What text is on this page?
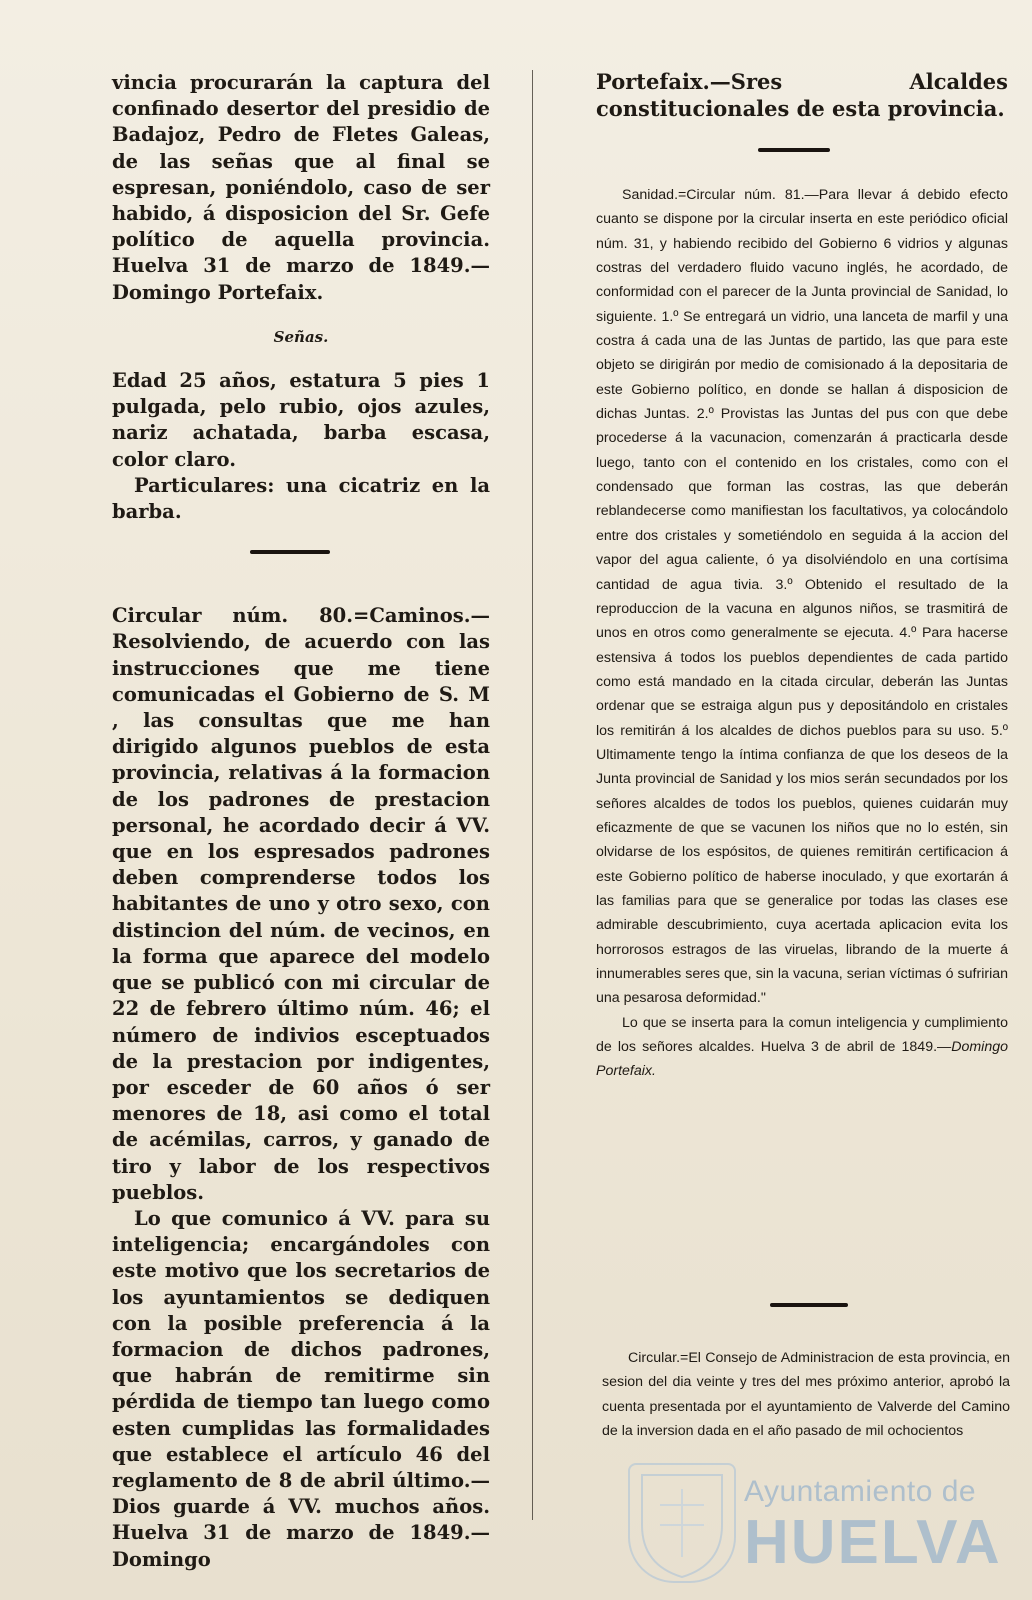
vincia procurarán la captura del confinado desertor del presidio de Badajoz, Pedro de Fletes Galeas, de las señas que al final se espresan, poniéndolo, caso de ser habido, á disposicion del Sr. Gefe político de aquella provincia. Huelva 31 de marzo de 1849.— Domingo Portefaix.

Señas.

Edad 25 años, estatura 5 pies 1 pulgada, pelo rubio, ojos azules, nariz achatada, barba escasa, color claro.

Particulares: una cicatriz en la barba.

Circular núm. 80.=Caminos.— Resolviendo, de acuerdo con las instrucciones que me tiene comunicadas el Gobierno de S. M , las consultas que me han dirigido algunos pueblos de esta provincia, relativas á la formacion de los padrones de prestacion personal, he acordado decir á VV. que en los espresados padrones deben comprenderse todos los habitantes de uno y otro sexo, con distincion del núm. de vecinos, en la forma que aparece del modelo que se publicó con mi circular de 22 de febrero último núm. 46; el número de indivios esceptuados de la prestacion por indigentes, por esceder de 60 años ó ser menores de 18, asi como el total de acémilas, carros, y ganado de tiro y labor de los respectivos pueblos.

Lo que comunico á VV. para su inteligencia; encargándoles con este motivo que los secretarios de los ayuntamientos se dediquen con la posible preferencia á la formacion de dichos padrones, que habrán de remitirme sin pérdida de tiempo tan luego como esten cumplidas las formalidades que establece el artículo 46 del reglamento de 8 de abril último.—Dios guarde á VV. muchos años. Huelva 31 de marzo de 1849.—Domingo

Portefaix.—Sres Alcaldes constitucionales de esta provincia.

Sanidad.=Circular núm. 81.—Para llevar á debido efecto cuanto se dispone por la circular inserta en este periódico oficial núm. 31, y habiendo recibido del Gobierno 6 vidrios y algunas costras del verdadero fluido vacuno inglés, he acordado, de conformidad con el parecer de la Junta provincial de Sanidad, lo siguiente. 1.º Se entregará un vidrio, una lanceta de marfil y una costra á cada una de las Juntas de partido, las que para este objeto se dirigirán por medio de comisionado á la depositaria de este Gobierno político, en donde se hallan á disposicion de dichas Juntas. 2.º Provistas las Juntas del pus con que debe procederse á la vacunacion, comenzarán á practicarla desde luego, tanto con el contenido en los cristales, como con el condensado que forman las costras, las que deberán reblandecerse como manifiestan los facultativos, ya colocándolo entre dos cristales y sometiéndolo en seguida á la accion del vapor del agua caliente, ó ya disolviéndolo en una cortísima cantidad de agua tivia. 3.º Obtenido el resultado de la reproduccion de la vacuna en algunos niños, se trasmitirá de unos en otros como generalmente se ejecuta. 4.º Para hacerse estensiva á todos los pueblos dependientes de cada partido como está mandado en la citada circular, deberán las Juntas ordenar que se estraiga algun pus y depositándolo en cristales los remitirán á los alcaldes de dichos pueblos para su uso. 5.º Ultimamente tengo la íntima confianza de que los deseos de la Junta provincial de Sanidad y los mios serán secundados por los señores alcaldes de todos los pueblos, quienes cuidarán muy eficazmente de que se vacunen los niños que no lo estén, sin olvidarse de los espósitos, de quienes remitirán certificacion á este Gobierno político de haberse inoculado, y que exortarán á las familias para que se generalice por todas las clases ese admirable descubrimiento, cuya acertada aplicacion evita los horrorosos estragos de las viruelas, librando de la muerte á innumerables seres que, sin la vacuna, serian víctimas ó sufririan una pesarosa deformidad."

Lo que se inserta para la comun inteligencia y cumplimiento de los señores alcaldes. Huelva 3 de abril de 1849.—Domingo Portefaix.

Circular.=El Consejo de Administracion de esta provincia, en sesion del dia veinte y tres del mes próximo anterior, aprobó la cuenta presentada por el ayuntamiento de Valverde del Camino de la inversion dada en el año pasado de mil ochocientos

Ayuntamiento de
HUELVA
